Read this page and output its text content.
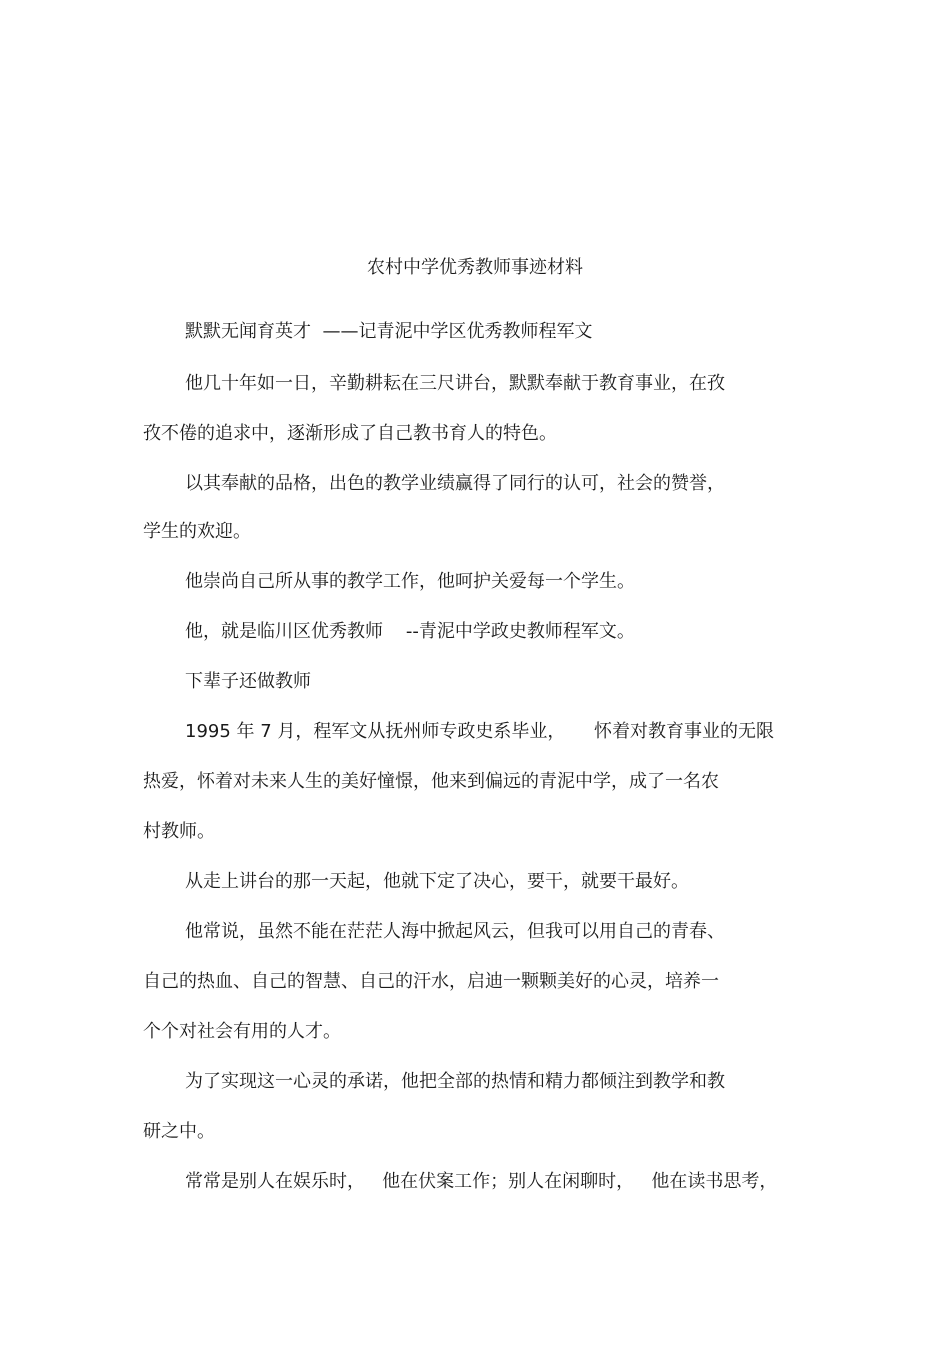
农村中学优秀教师事迹材料

默默无闻育英才  ——记青泥中学区优秀教师程军文

他几十年如一日，辛勤耕耘在三尺讲台，默默奉献于教育事业，在孜

孜不倦的追求中，逐渐形成了自己教书育人的特色。

以其奉献的品格，出色的教学业绩赢得了同行的认可，社会的赞誉，

学生的欢迎。

他崇尚自己所从事的教学工作，他呵护关爱每一个学生。

他，就是临川区优秀教师    --青泥中学政史教师程军文。

下辈子还做教师

1995 年 7 月，程军文从抚州师专政史系毕业，     怀着对教育事业的无限

热爱，怀着对未来人生的美好憧憬，他来到偏远的青泥中学，成了一名农

村教师。

从走上讲台的那一天起，他就下定了决心，要干，就要干最好。

他常说，虽然不能在茫茫人海中掀起风云，但我可以用自己的青春、

自己的热血、自己的智慧、自己的汗水，启迪一颗颗美好的心灵，培养一

个个对社会有用的人才。

为了实现这一心灵的承诺，他把全部的热情和精力都倾注到教学和教

研之中。

常常是别人在娱乐时，   他在伏案工作；别人在闲聊时，   他在读书思考，
